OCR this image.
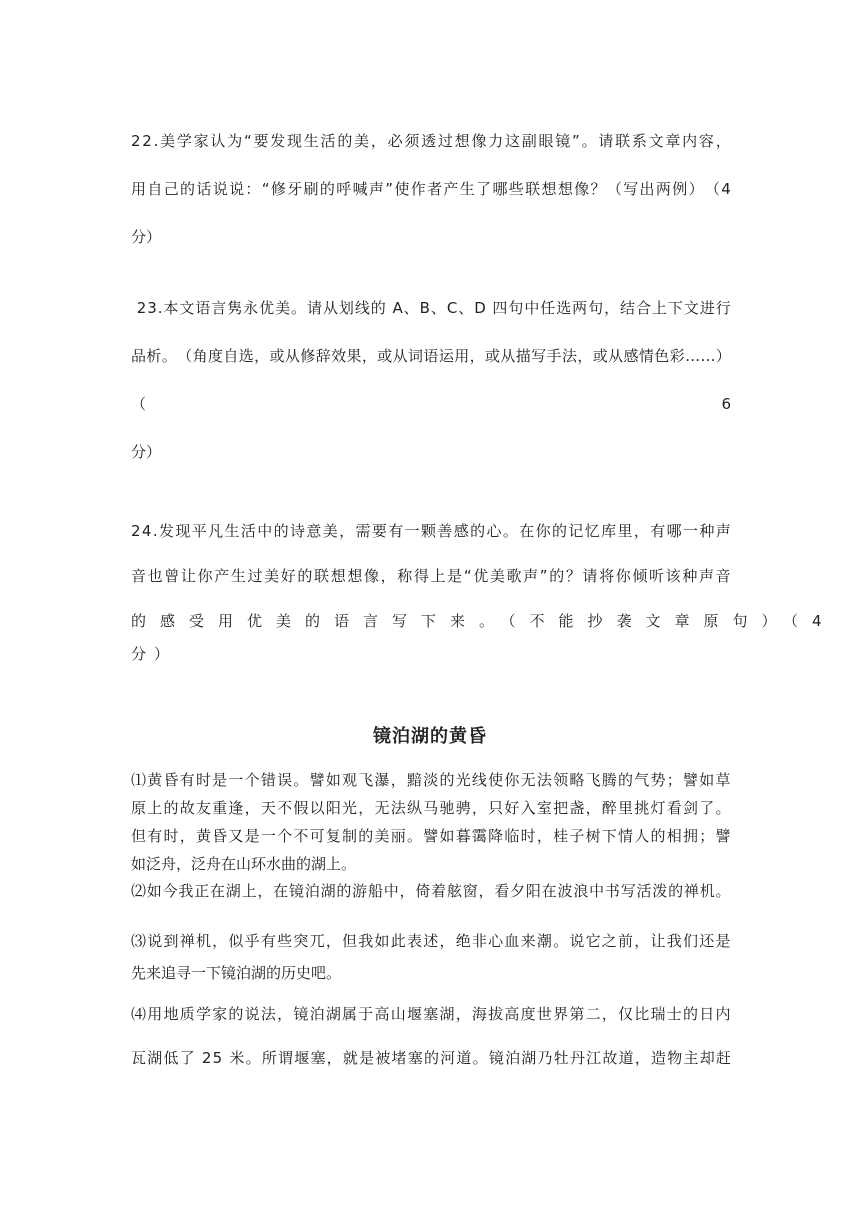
2 2 . 美 学 家 认 为 “ 要 发 现 生 活 的 美 ， 必 须 透 过 想 像 力 这 副 眼 镜 ” 。 请 联 系 文 章 内 容 ，
用 自 己 的 话 说 说 ： “ 修 牙 刷 的 呼 喊 声 ” 使 作 者 产 生 了 哪 些 联 想 想 像 ？ （ 写 出 两 例 ） （ 4
分）

2 3 . 本 文 语 言 隽 永 优 美 。 请 从 划 线 的
A 、 B 、 C 、 D
四 句 中 任 选 两 句 ， 结 合 上 下 文 进 行
品 析 。 （ 角 度 自 选 ， 或 从 修 辞 效 果 ， 或 从 词 语 运 用 ， 或 从 描 写 手 法 ， 或 从 感 情 色 彩 … … ）
（	6
分）
2 4 . 发 现 平 凡 生 活 中 的 诗 意 美 ， 需 要 有 一 颗 善 感 的 心 。 在 你 的 记 忆 库 里 ， 有 哪 一 种 声
音 也 曾 让 你 产 生 过 美 好 的 联 想 想 像 ， 称 得 上 是 “ 优 美 歌 声 ” 的 ？ 请 将 你 倾 听 该 种 声 音
的感受用优美的语言写下来。（不能抄袭文章原句）（4
分）
镜泊湖的黄昏
⑴ 黄 昏 有 时 是 一 个 错 误 。 譬 如 观 飞 瀑 ， 黯 淡 的 光 线 使 你 无 法 领 略 飞 腾 的 气 势 ； 譬 如 草
原 上 的 故 友 重 逢 ， 天 不 假 以 阳 光 ， 无 法 纵 马 驰 骋 ， 只 好 入 室 把 盏 ， 醉 里 挑 灯 看 剑 了 。
但 有 时 ， 黄 昏 又 是 一 个 不 可 复 制 的 美 丽 。 譬 如 暮 霭 降 临 时 ， 桂 子 树 下 情 人 的 相 拥 ； 譬
如泛舟，泛舟在山环水曲的湖上。
⑵ 如 今 我 正 在 湖 上 ， 在 镜 泊 湖 的 游 船 中 ， 倚 着 舷 窗 ， 看 夕 阳 在 波 浪 中 书 写 活 泼 的 禅 机 。
⑶ 说 到 禅 机 ， 似 乎 有 些 突 兀 ， 但 我 如 此 表 述 ， 绝 非 心 血 来 潮 。 说 它 之 前 ， 让 我 们 还 是
先来追寻一下镜泊湖的历史吧。
⑷ 用 地 质 学 家 的 说 法 ， 镜 泊 湖 属 于 高 山 堰 塞 湖 ， 海 拔 高 度 世 界 第 二 ， 仅 比 瑞 士 的 日 内
瓦 湖 低 了
2 5
米 。 所 谓 堰 塞 ， 就 是 被 堵 塞 的 河 道 。 镜 泊 湖 乃 牡 丹 江 故 道 ， 造 物 主 却 赶
